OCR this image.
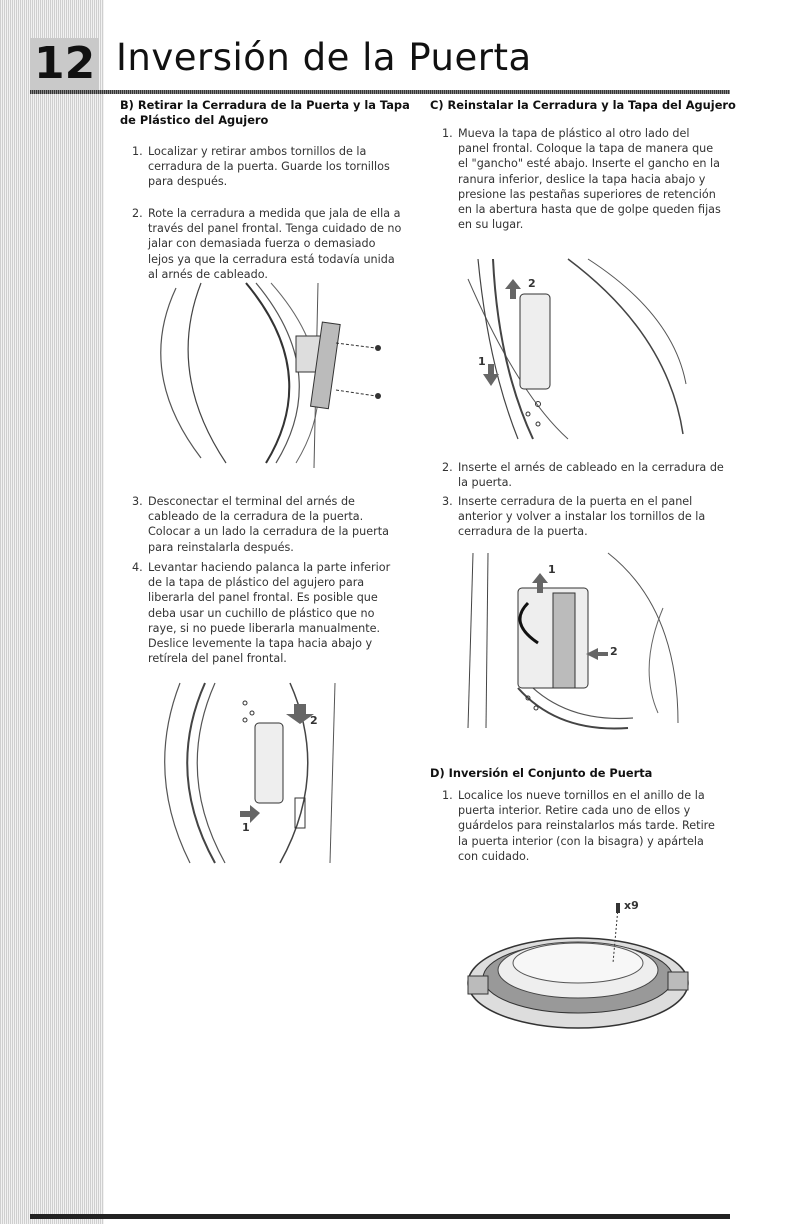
12 Inversión de la Puerta
B) Retirar la Cerradura de la Puerta y la Tapa de Plástico del Agujero
1. Localizar y retirar ambos tornillos de la cerradura de la puerta. Guarde los tornillos para después.
2. Rote la cerradura a medida que jala de ella a través del panel frontal. Tenga cuidado de no jalar con demasiada fuerza o demasiado lejos ya que la cerradura está todavía unida al arnés de cableado.
3. Desconectar el terminal del arnés de cableado de la cerradura de la puerta. Colocar a un lado la cerradura de la puerta para reinstalarla después.
4. Levantar haciendo palanca la parte inferior de la tapa de plástico del agujero para liberarla del panel frontal. Es posible que deba usar un cuchillo de plástico que no raye, si no puede liberarla manualmente. Deslice levemente la tapa hacia abajo y retírela del panel frontal.
1
2
C) Reinstalar la Cerradura y la Tapa del Agujero
1. Mueva la tapa de plástico al otro lado del panel frontal. Coloque la tapa de manera que el "gancho" esté abajo. Inserte el gancho en la ranura inferior, deslice la tapa hacia abajo y presione las pestañas superiores de retención en la abertura hasta que de golpe queden fijas en su lugar.
2
1
2. Inserte el arnés de cableado en la cerradura de la puerta.
3. Inserte cerradura de la puerta en el panel anterior y volver a instalar los tornillos de la cerradura de la puerta.
1
2
D) Inversión el Conjunto de Puerta
1. Localice los nueve tornillos en el anillo de la puerta interior. Retire cada uno de ellos y guárdelos para reinstalarlos más tarde. Retire la puerta interior (con la bisagra) y apártela con cuidado.
x9
